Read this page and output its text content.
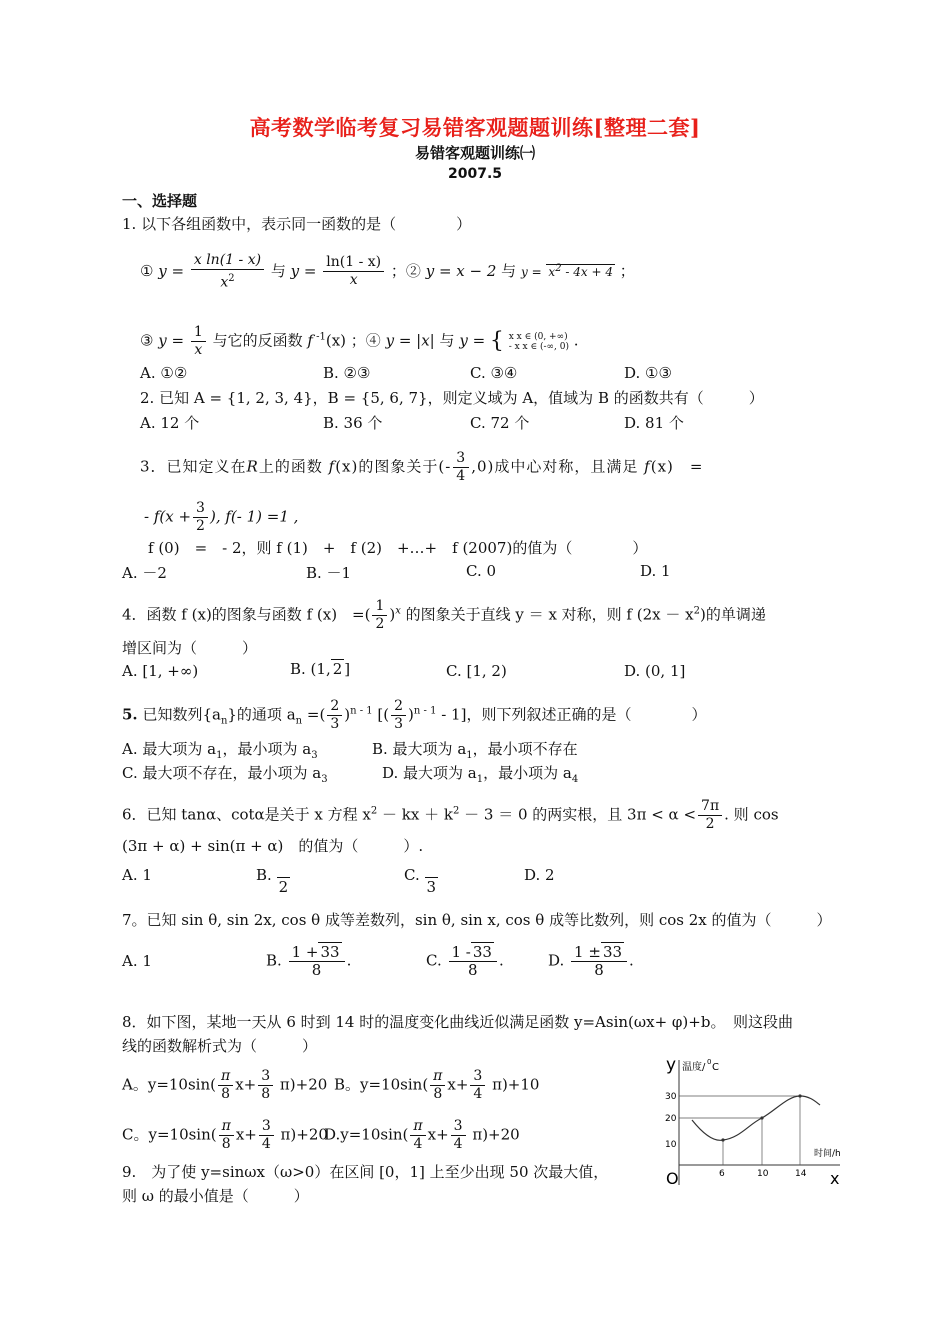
高考数学临考复习易错客观题题训练[整理二套]
易错客观题训练㈠
2007.5
一、选择题
1. 以下各组函数中，表示同一函数的是（　　　　）
① $y = \frac{\text{x ln(1 - x)}}{x^2}$ 与 $y = \frac{\ln(1 - x)}{x}$ ；② y = x − 2 与 $y = x^2 - 4x + 4$ ；
③ $y = \frac{1}{x}$ 与它的反函数 f $^{-1}$(x) ；④ y = |x| 与 y = { x x ∈ (0, +∞)
- x x ∈ (-∞, 0) .
A. ①②	B. ②③	C. ③④	D. ①③
2. 已知 A = {1, 2, 3, 4}，B = {5, 6, 7}，则定义域为 A，值域为 B 的函数共有（　　　）
A. 12 个	B. 36 个	C. 72 个	D. 81 个
3．已知定义在R上的函数 f(x)的图象关于(- $\frac{3}{4} ,0$)成中心对称，且满足 f(x)　=
- $f(x + \frac{3}{2}$ ), f(- 1) =1 ,
f (0)　=　- 2，则 f (1)　+　f (2)　+…+　f (2007)的值为（　　　　）
A. －2	B. －1	C. 0	D. 1
4．函数 f (x)的图象与函数 f (x)　=( $\frac{1}{2} )^x$ 的图象关于直线 y ＝ x 对称，则 f $(2x - x^2)$的单调递
增区间为（　　　）
A. [1, +∞)	B. (1, 2 ]	C. [1, 2)	D. (0, 1]
5. 已知数列$\{a_n\}$的通项 $a_n$ =( $\frac{2}{3} )^{n - 1}$ [( $\frac{2}{3} )^{n - 1} - 1$]，则下列叙述正确的是（　　　　）
A. 最大项为 $a_1$，最小项为 $a_3$	B. 最大项为 $a_1$，最小项不存在
C. 最大项不存在，最小项为 $a_3$	D. 最大项为 $a_1$，最小项为 $a_4$
6．已知 tanα、cotα是关于 x 方程 $x^2$ － kx ＋ $k^2 - 3 = 0$ 的两实根，且 $3\pi < \alpha < \frac{7\pi}{2}$ . 则 cos
(3π + α) + sin(π + α)　的值为（　　　）.
A. 1	B. 2
C. 3
D. 2
7。已知 sin θ, sin 2x, cos θ 成等差数列，sin θ, sin x, cos θ 成等比数列，则 cos 2x 的值为（　　　）
A. 1	B. $\frac{1 + 33}{8}$ .	C. $\frac{1 - 33}{8}$ .	D. $\frac{1 \pm 33}{8}$ .
8．如下图，某地一天从 6 时到 14 时的温度变化曲线近似满足函数 y=Asin(ωx+ φ)+b。　则这段曲
线的函数解析式为（　　　）
A。$y=10\sin( \frac{\pi}{8} x+ \frac{3}{8} \pi)+20$ B。$y=10\sin( \frac{\pi}{8} x+ \frac{3}{4} \pi)+10$
C。$y=10\sin( \frac{\pi}{8} x+ \frac{3}{4} \pi)+20$
$D.y=10\sin( \frac{\pi}{4} x+ \frac{3}{4} \pi)+20$
y 温度/ 0 C
时间/h
O	x
30
20
10
6	10	14
9.　为了使 y=sinωx（ω>0）在区间 [0，1] 上至少出现 50 次最大值，
则 ω 的最小值是（　　　）
